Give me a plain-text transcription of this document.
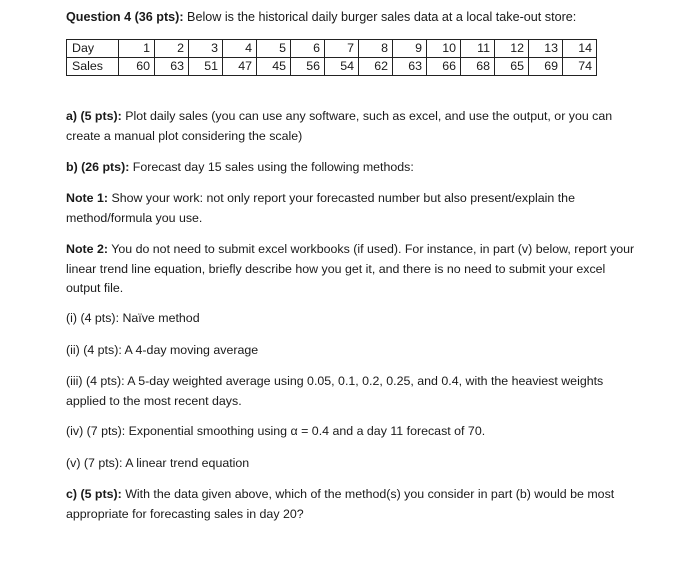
Question 4 (36 pts): Below is the historical daily burger sales data at a local take-out store:
Day	1	2	3	4	5	6	7	8	9	10	11	12	13	14
Sales	60	63	51	47	45	56	54	62	63	66	68	65	69	74
a) (5 pts): Plot daily sales (you can use any software, such as excel, and use the output, or you can
create a manual plot considering the scale)
b) (26 pts): Forecast day 15 sales using the following methods:
Note 1: Show your work: not only report your forecasted number but also present/explain the
method/formula you use.
Note 2: You do not need to submit excel workbooks (if used). For instance, in part (v) below, report your
linear trend line equation, briefly describe how you get it, and there is no need to submit your excel
output file.
(i) (4 pts): Naïve method
(ii) (4 pts): A 4-day moving average
(iii) (4 pts): A 5-day weighted average using 0.05, 0.1, 0.2, 0.25, and 0.4, with the heaviest weights
applied to the most recent days.
(iv) (7 pts): Exponential smoothing using α = 0.4 and a day 11 forecast of 70.
(v) (7 pts): A linear trend equation
c) (5 pts): With the data given above, which of the method(s) you consider in part (b) would be most
appropriate for forecasting sales in day 20?
